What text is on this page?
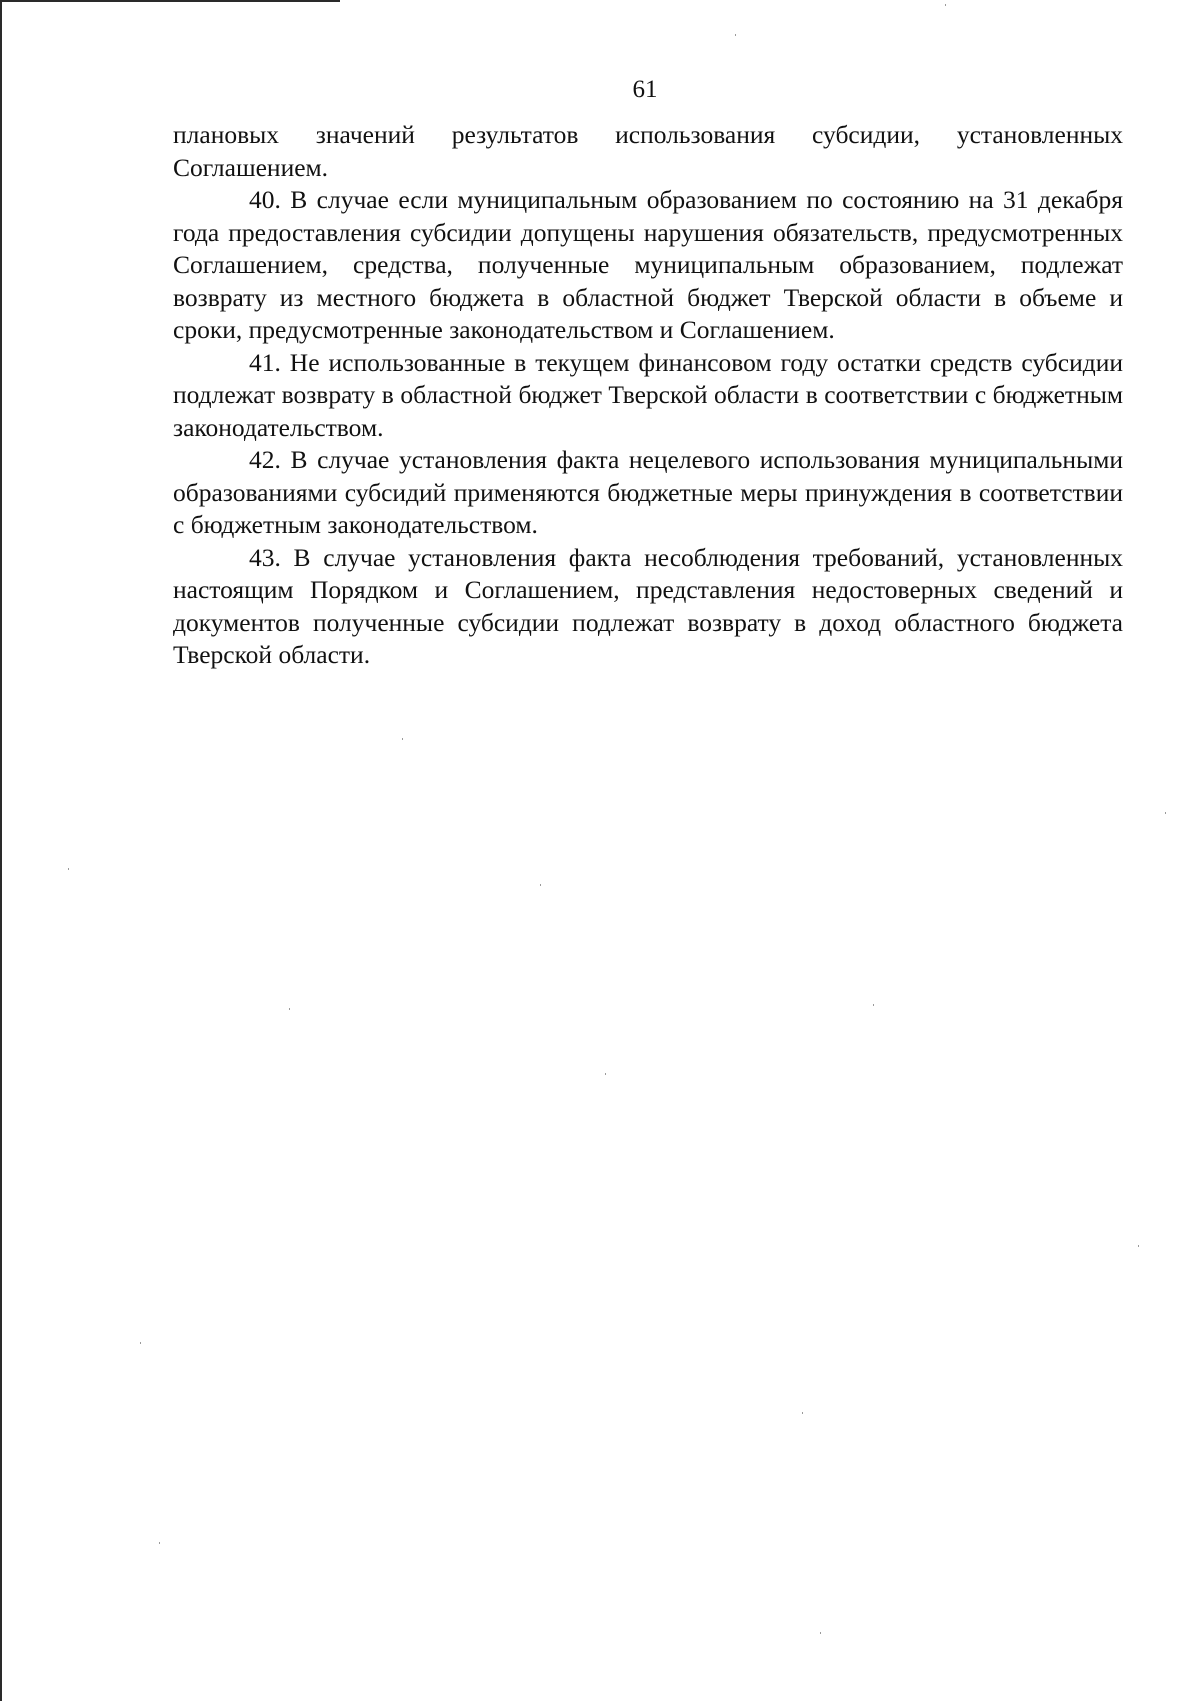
61

плановых значений результатов использования субсидии, установленных Соглашением.

40. В случае если муниципальным образованием по состоянию на 31 декабря года предоставления субсидии допущены нарушения обязательств, предусмотренных Соглашением, средства, полученные муниципальным образованием, подлежат возврату из местного бюджета в областной бюджет Тверской области в объеме и сроки, предусмотренные законодательством и Соглашением.

41. Не использованные в текущем финансовом году остатки средств субсидии подлежат возврату в областной бюджет Тверской области в соответствии с бюджетным законодательством.

42. В случае установления факта нецелевого использования муниципальными образованиями субсидий применяются бюджетные меры принуждения в соответствии с бюджетным законодательством.

43. В случае установления факта несоблюдения требований, установленных настоящим Порядком и Соглашением, представления недостоверных сведений и документов полученные субсидии подлежат возврату в доход областного бюджета Тверской области.
